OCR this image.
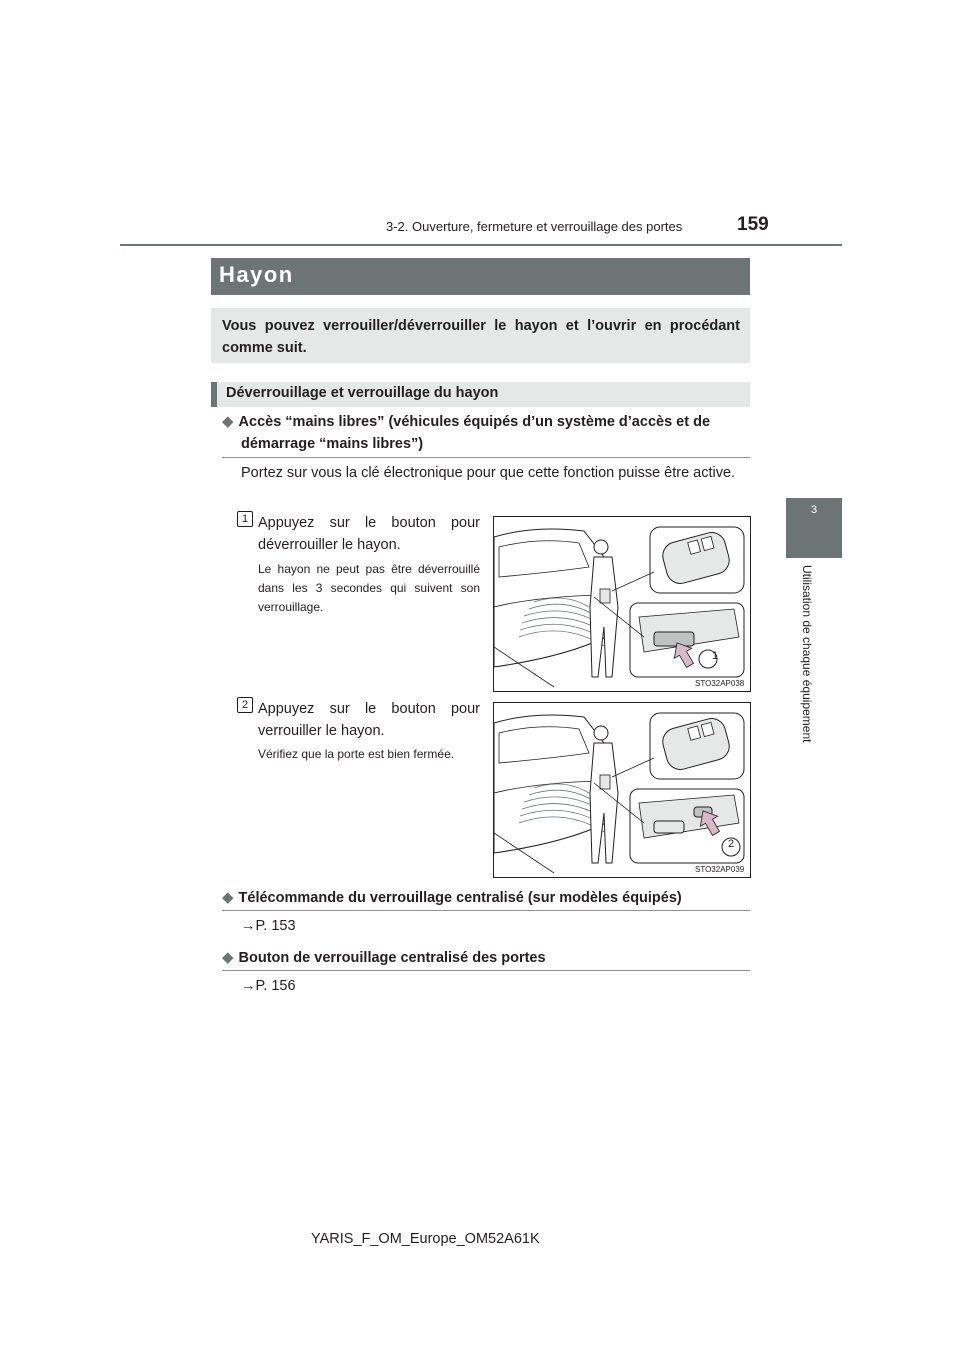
3-2. Ouverture, fermeture et verrouillage des portes	159
3
Utilisation de chaque équipement
Hayon
Vous pouvez verrouiller/déverrouiller le hayon et l’ouvrir en procédant comme suit.
Déverrouillage et verrouillage du hayon
◆ Accès “mains libres” (véhicules équipés d’un système d’accès et de démarrage “mains libres”)
Portez sur vous la clé électronique pour que cette fonction puisse être active.
1 Appuyez sur le bouton pour déverrouiller le hayon.
Le hayon ne peut pas être déverrouillé dans les 3 secondes qui suivent son verrouillage.
1
STO32AP038
2 Appuyez sur le bouton pour verrouiller le hayon.
Vérifiez que la porte est bien fermée.
2
STO32AP039
◆ Télécommande du verrouillage centralisé (sur modèles équipés)
→P. 153
◆ Bouton de verrouillage centralisé des portes
→P. 156
YARIS_F_OM_Europe_OM52A61K
